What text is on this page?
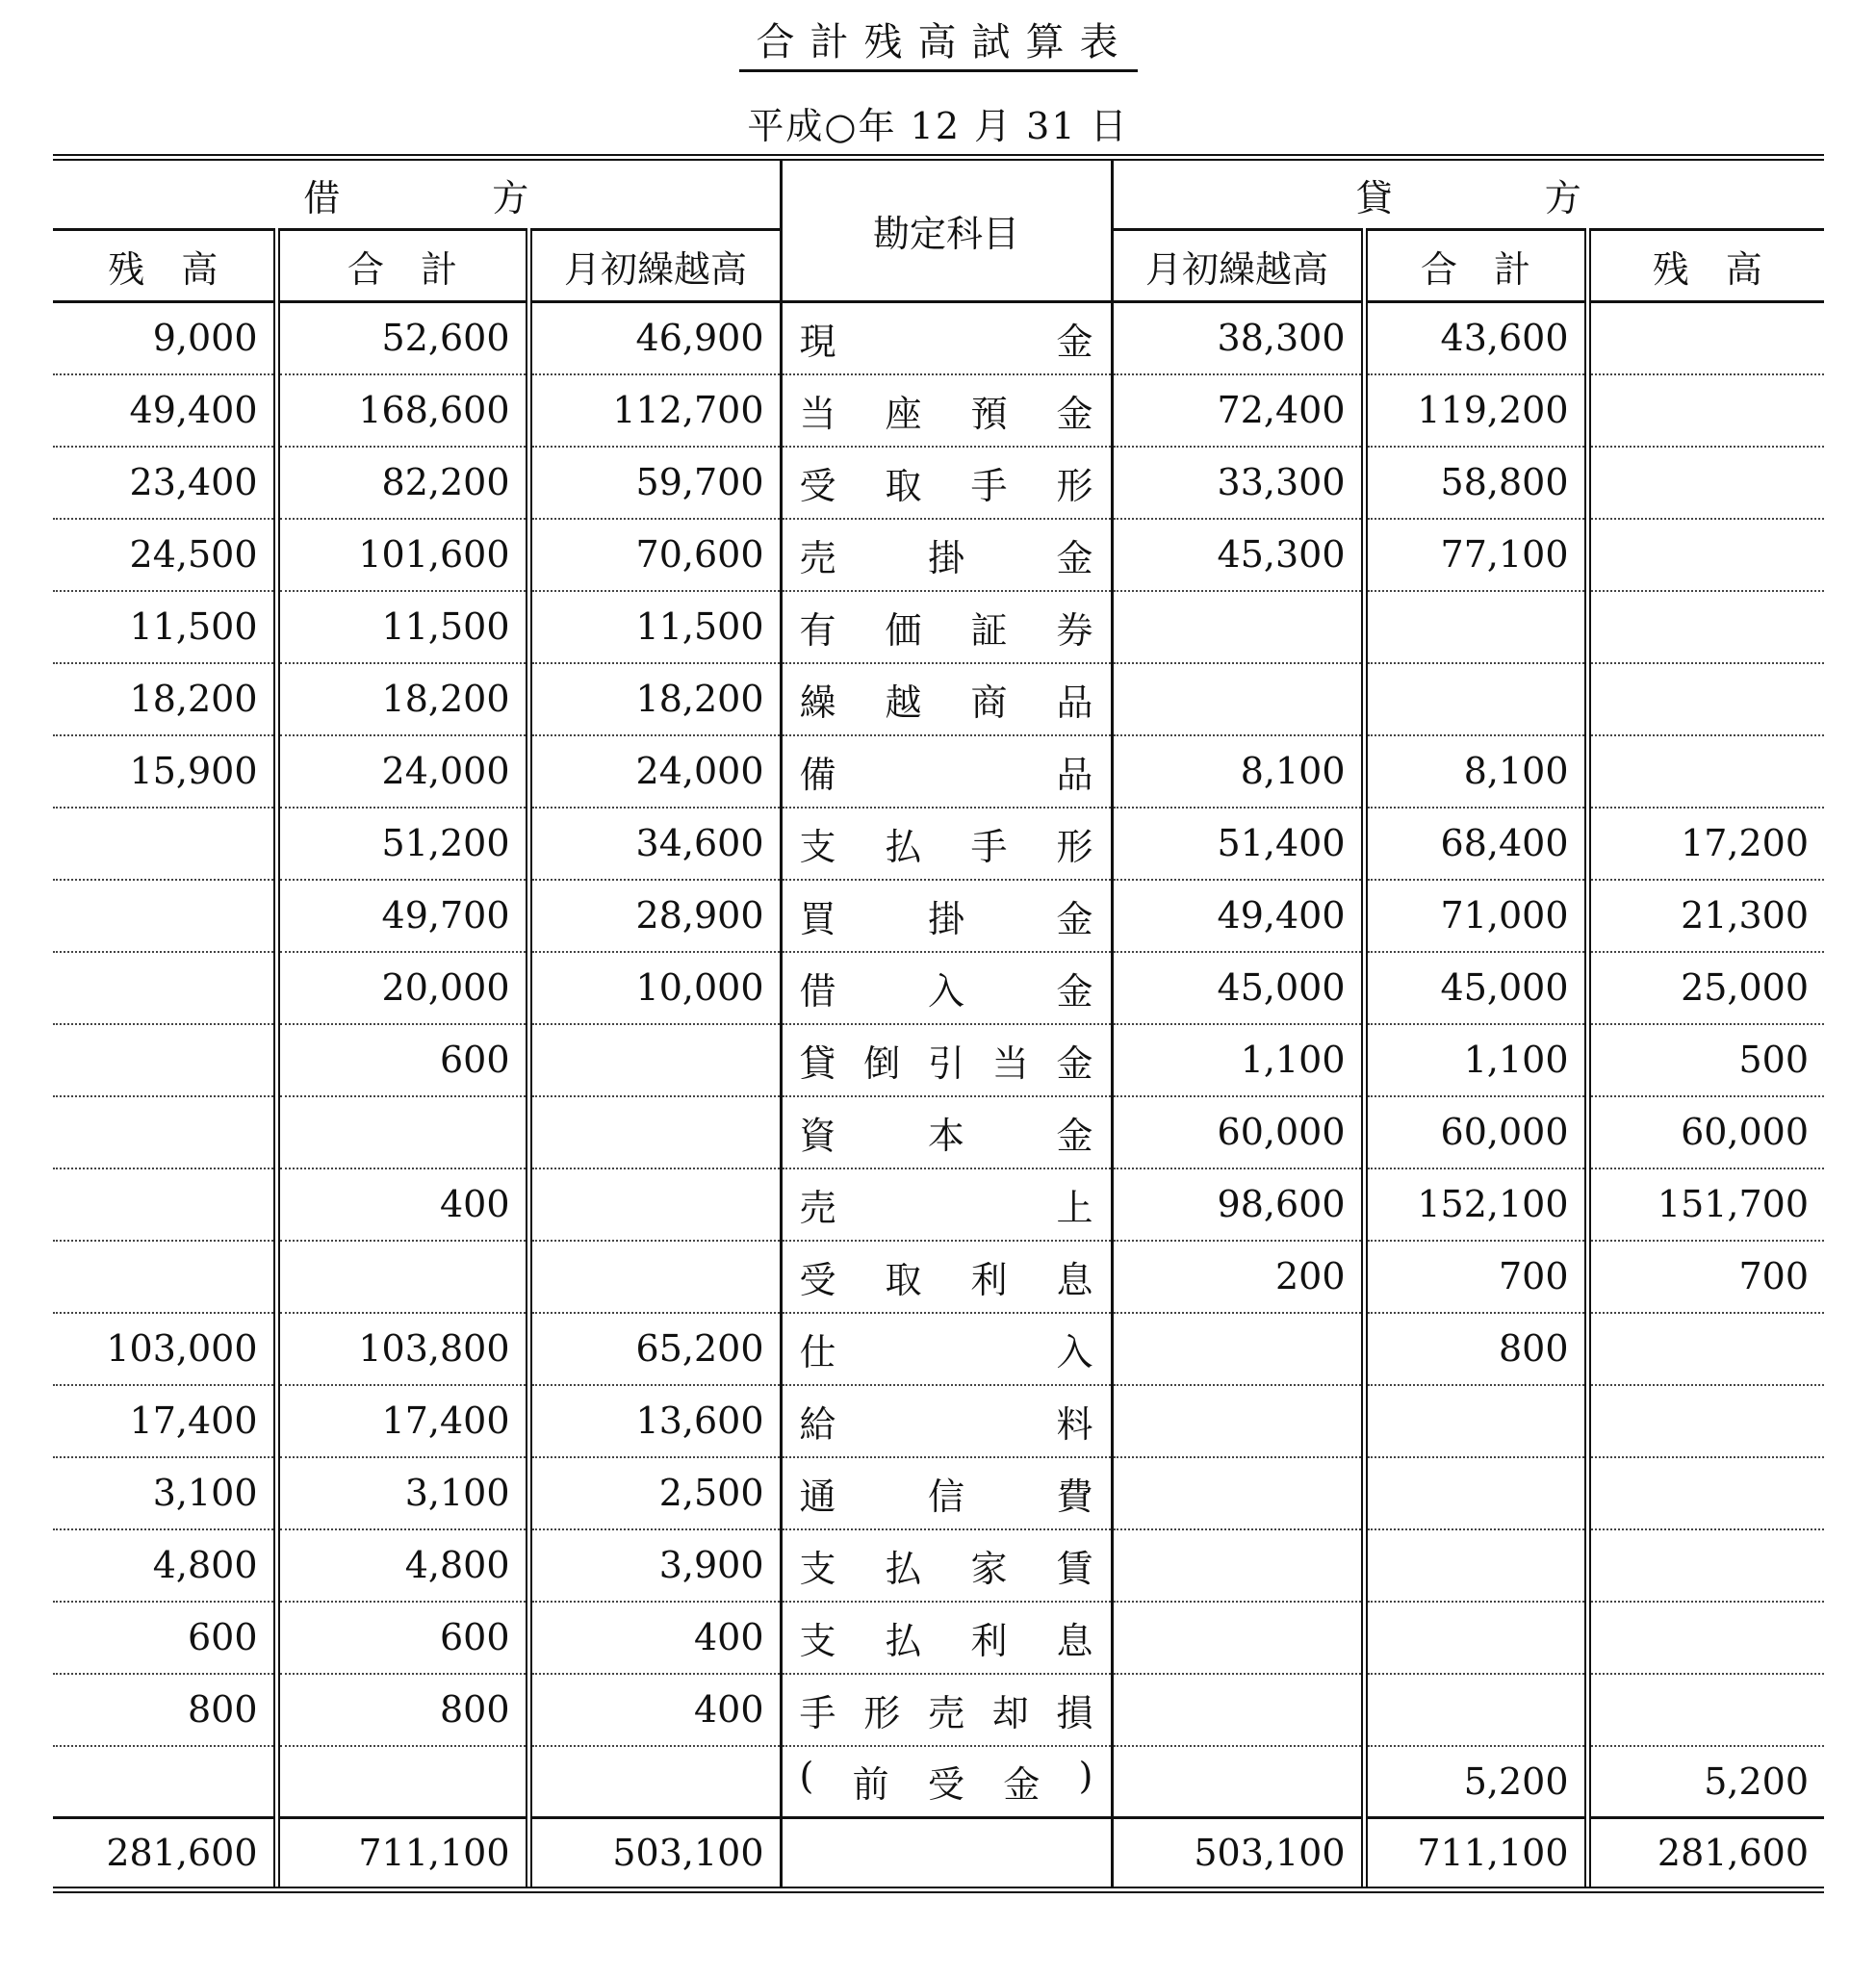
合計残高試算表
平成○年 12 月 31 日
借　方			勘定科目	貸　方		
残　高	合　計	月初繰越高		月初繰越高	合　計	残　高
9,000	52,600	46,900	現 金	38,300	43,600	
49,400	168,600	112,700	当 座 預 金	72,400	119,200	
23,400	82,200	59,700	受 取 手 形	33,300	58,800	
24,500	101,600	70,600	売 掛 金	45,300	77,100	
11,500	11,500	11,500	有 価 証 券			

18,200	18,200	18,200	繰 越 商 品			

15,900	24,000	24,000	備 品	8,100	8,100	
	51,200	34,600	支 払 手 形	51,400	68,400	17,200
	49,700	28,900	買 掛 金	49,400	71,000	21,300
	20,000	10,000	借 入 金	45,000	45,000	25,000
	600		貸 倒 引 当 金	1,100	1,100	500

			資 本 金	60,000	60,000	60,000
	400		売 上	98,600	152,100	151,700

			受 取 利 息	200	700	700
103,000	103,800	65,200	仕 入		800	
17,400	17,400	13,600	給 料			

3,100	3,100	2,500	通 信 費			

4,800	4,800	3,900	支 払 家 賃			

600	600	400	支 払 利 息			

800	800	400	手 形 売 却 損			

			( 前 受 金 )		5,200	5,200
281,600	711,100	503,100		503,100	711,100	281,600
